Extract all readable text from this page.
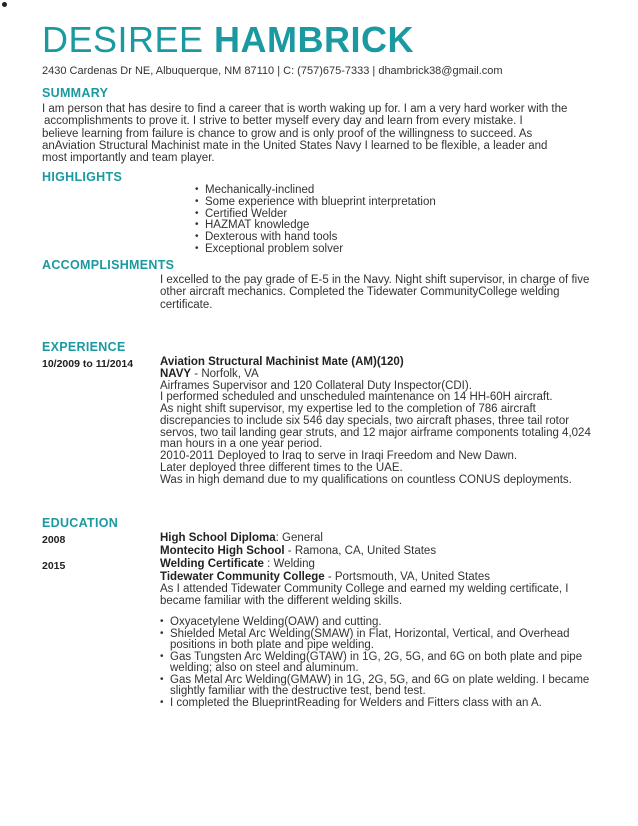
DESIREE HAMBRICK
2430 Cardenas Dr NE, Albuquerque, NM 87110 | C: (757)675-7333 | dhambrick38@gmail.com
SUMMARY
I am person that has desire to find a career that is worth waking up for. I am a very hard worker with the
accomplishments to prove it. I strive to better myself every day and learn from every mistake. I
believe learning from failure is chance to grow and is only proof of the willingness to succeed. As
anAviation Structural Machinist mate in the United States Navy I learned to be flexible, a leader and
most importantly and team player.
HIGHLIGHTS
• Mechanically-inclined
• Some experience with blueprint interpretation
• Certified Welder
• HAZMAT knowledge
• Dexterous with hand tools
• Exceptional problem solver
ACCOMPLISHMENTS
I excelled to the pay grade of E-5 in the Navy. Night shift supervisor, in charge of five
other aircraft mechanics. Completed the Tidewater CommunityCollege welding
certificate.
EXPERIENCE
10/2009 to 11/2014 Aviation Structural Machinist Mate (AM)(120)
NAVY - Norfolk, VA
Airframes Supervisor and 120 Collateral Duty Inspector(CDI).
I performed scheduled and unscheduled maintenance on 14 HH-60H aircraft.
As night shift supervisor, my expertise led to the completion of 786 aircraft
discrepancies to include six 546 day specials, two aircraft phases, three tail rotor
servos, two tail landing gear struts, and 12 major airframe components totaling 4,024
man hours in a one year period.
2010-2011 Deployed to Iraq to serve in Iraqi Freedom and New Dawn.
Later deployed three different times to the UAE.
Was in high demand due to my qualifications on countless CONUS deployments.
EDUCATION
2008	High School Diploma: General
Montecito High School - Ramona, CA, United States
2015	Welding Certificate : Welding
Tidewater Community College - Portsmouth, VA, United States
As I attended Tidewater Community College and earned my welding certificate, I
became familiar with the different welding skills.
• Oxyacetylene Welding(OAW) and cutting.
• Shielded Metal Arc Welding(SMAW) in Flat, Horizontal, Vertical, and Overhead
positions in both plate and pipe welding.
• Gas Tungsten Arc Welding(GTAW) in 1G, 2G, 5G, and 6G on both plate and pipe
welding; also on steel and aluminum.
• Gas Metal Arc Welding(GMAW) in 1G, 2G, 5G, and 6G on plate welding. I became
slightly familiar with the destructive test, bend test.
• I completed the BlueprintReading for Welders and Fitters class with an A.
